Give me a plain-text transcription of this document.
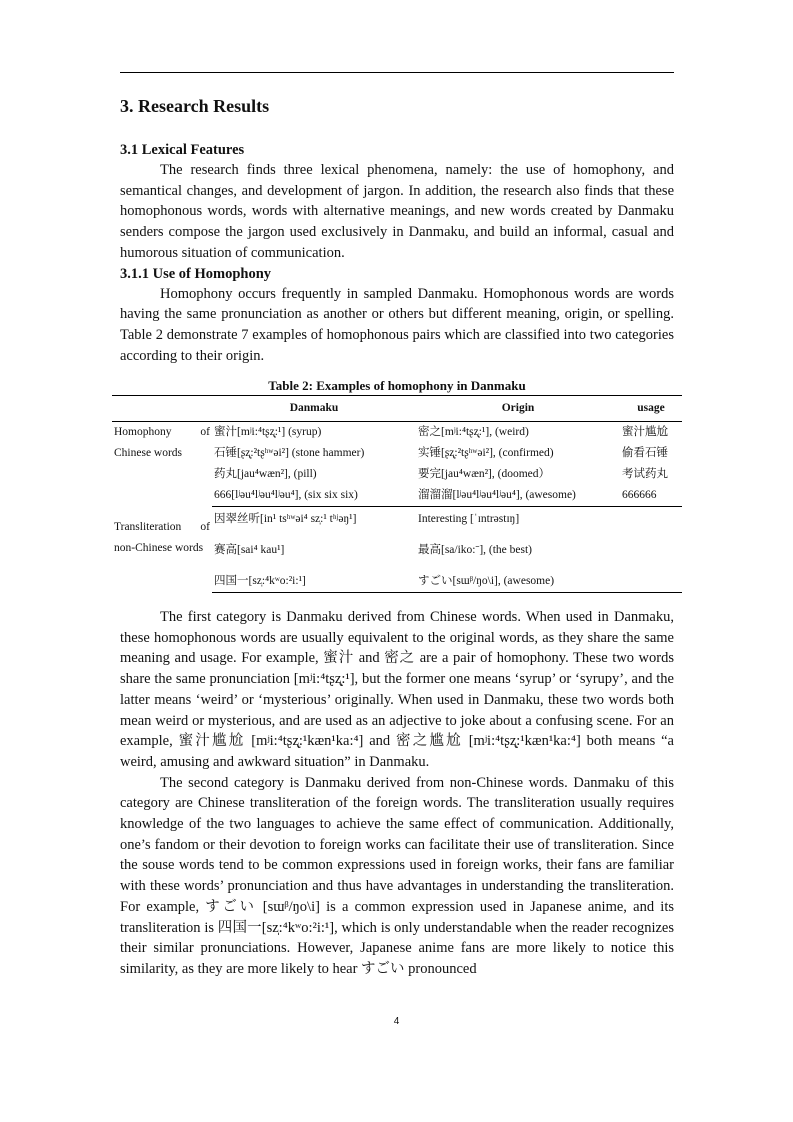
3. Research Results
3.1 Lexical Features

The research finds three lexical phenomena, namely: the use of homophony, and semantical changes, and development of jargon. In addition, the research also finds that these homophonous words, words with alternative meanings, and new words created by Danmaku senders compose the jargon used exclusively in Danmaku, and build an informal, casual and humorous situation of communication.

3.1.1 Use of Homophony

Homophony occurs frequently in sampled Danmaku. Homophonous words are words having the same pronunciation as another or others but different meaning, origin, or spelling. Table 2 demonstrate 7 examples of homophonous pairs which are classified into two categories according to their origin.

Table 2: Examples of homophony in Danmaku
	Danmaku	Origin	usage
Homophony of Chinese words	蜜汁[mʲi:⁴tʂʐ̩:¹] (syrup)	密之[mʲi:⁴tʂʐ̩:¹], (weird)	蜜汁尴尬
	石锤[ʂʐ̩:²tʂʰʷəi²] (stone hammer)	实锤[ʂʐ̩:²tʂʰʷəi²], (confirmed)	偷看石锤
	药丸[jau⁴wæn²], (pill)	要完[jau⁴wæn²], (doomed）	考试药丸
	666[lʲəu⁴lʲəu⁴lʲəu⁴], (six six six)	溜溜溜[lʲəu⁴lʲəu⁴lʲəu⁴], (awesome)	666666
Transliteration of non-Chinese words	因翠丝听[in¹ tsʰʷəi⁴ sz̩:¹ tʰʲəŋ¹]	Interesting [ˈɪntrəstɪŋ]	
	赛高[sai⁴ kau¹]	最高[sa/iko:ˉ], (the best)	
	四国一[sz̩:⁴kʷo:²i:¹]	すごい[sɯᵝ/ŋo\i], (awesome)	

The first category is Danmaku derived from Chinese words. When used in Danmaku, these homophonous words are usually equivalent to the original words, as they share the same meaning and usage. For example, 蜜汁 and 密之 are a pair of homophony. These two words share the same pronunciation [mʲi:⁴tʂʐ̩:¹], but the former one means ‘syrup’ or ‘syrupy’, and the latter means ‘weird’ or ‘mysterious’ originally. When used in Danmaku, these two words both mean weird or mysterious, and are used as an adjective to joke about a confusing scene. For an example, 蜜汁尴尬 [mʲi:⁴tʂʐ̩:¹kæn¹ka:⁴] and 密之尴尬 [mʲi:⁴tʂʐ̩:¹kæn¹ka:⁴] both means “a weird, amusing and awkward situation” in Danmaku.

The second category is Danmaku derived from non-Chinese words. Danmaku of this category are Chinese transliteration of the foreign words. The transliteration usually requires knowledge of the two languages to achieve the same effect of communication. Additionally, one’s fandom or their devotion to foreign works can facilitate their use of transliteration. Since the souse words tend to be common expressions used in foreign works, their fans are familiar with these words’ pronunciation and thus have advantages in understanding the transliteration. For example, すごい [sɯᵝ/ŋo\i] is a common expression used in Japanese anime, and its transliteration is 四国一[sz̩:⁴kʷo:²i:¹], which is only understandable when the reader recognizes their similar pronunciations. However, Japanese anime fans are more likely to notice this similarity, as they are more likely to hear すごい pronounced

4
